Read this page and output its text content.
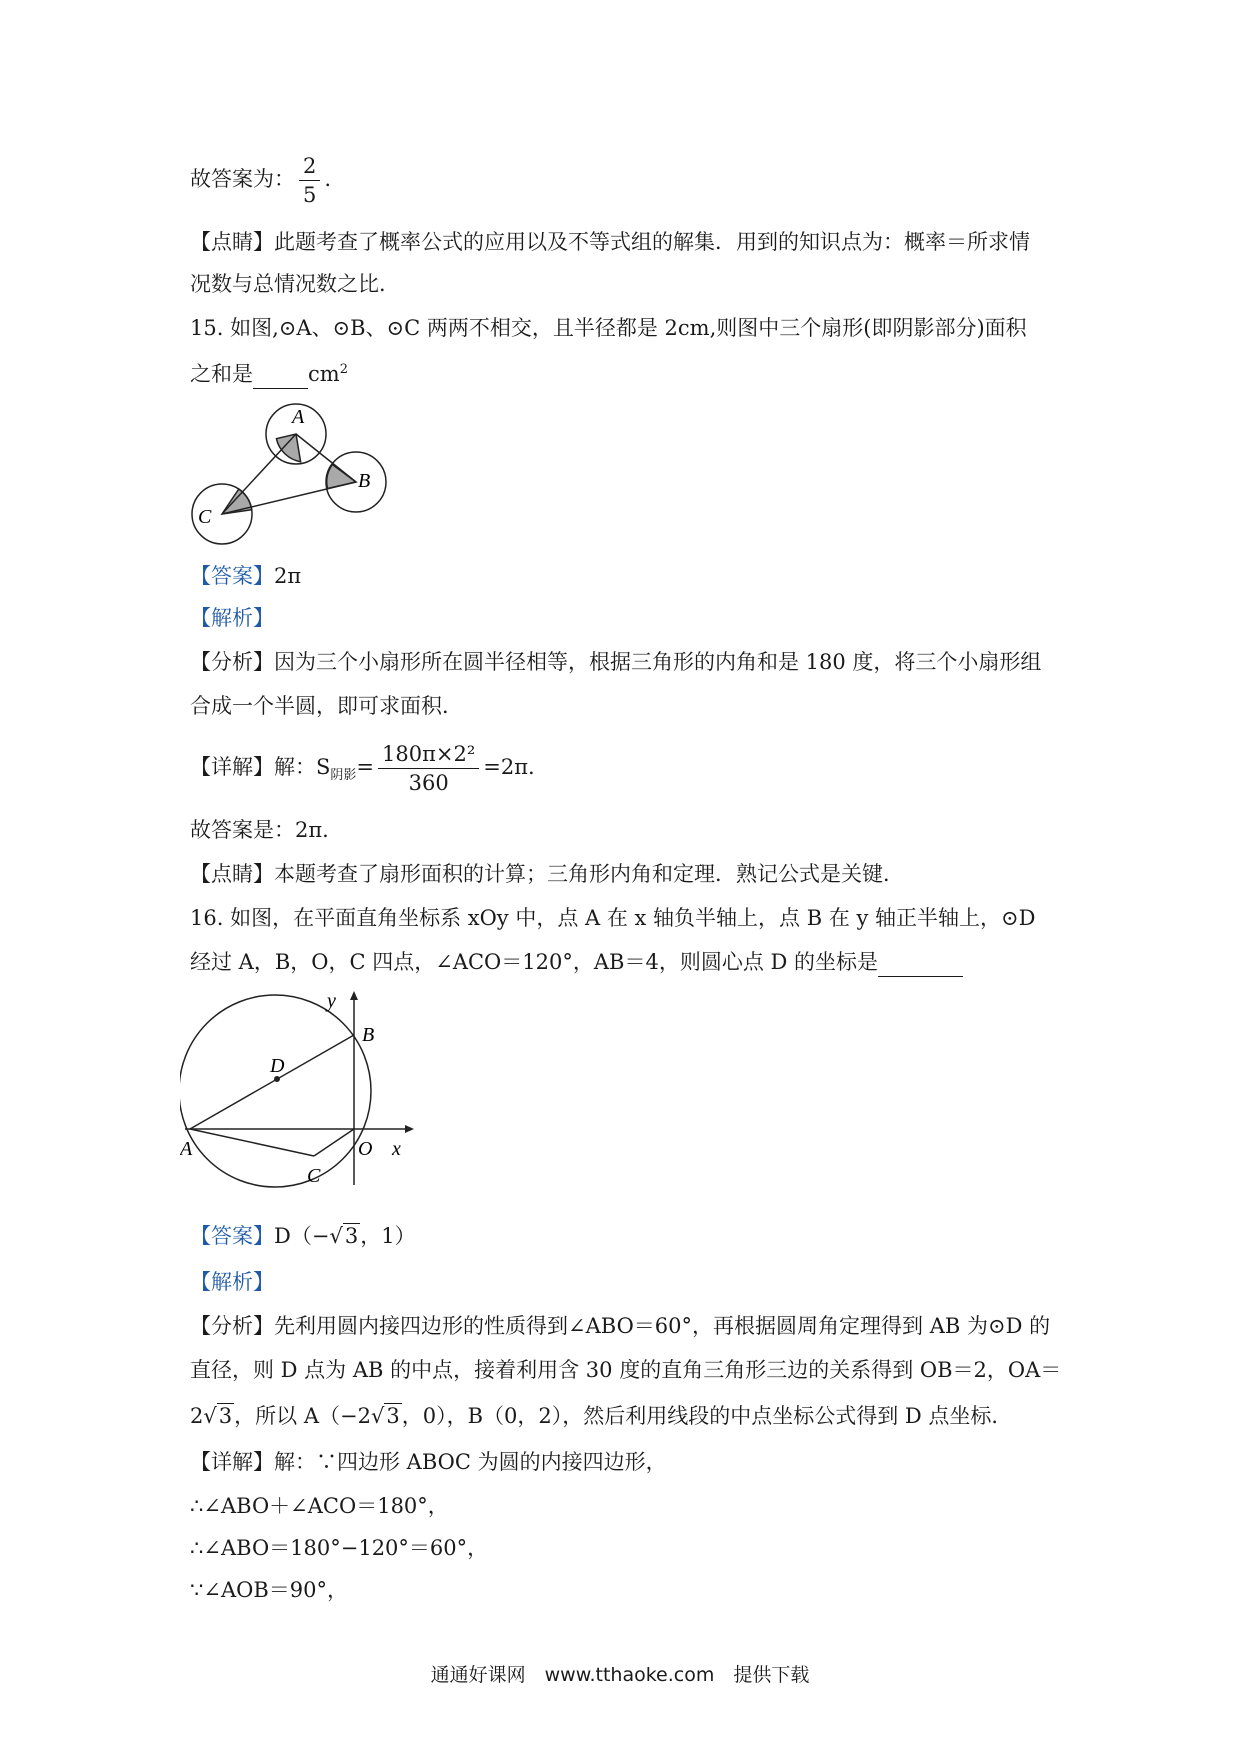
故答案为： $\frac{2}{5}$ .
【点睛】此题考查了概率公式的应用以及不等式组的解集．用到的知识点为：概率＝所求情
况数与总情况数之比．
15. 如图,⊙A、⊙B、⊙C 两两不相交，且半径都是 2cm,则图中三个扇形(即阴影部分)面积
之和是	$cm^2$
A
B
C
【答案】2π
【解析】
【分析】因为三个小扇形所在圆半径相等，根据三角形的内角和是 180 度，将三个小扇形组
合成一个半圆，即可求面积．
【详解】解：$S_{阴影}= \frac{\text{180π×2²}}{360} =2\pi$.
故答案是：2π.
【点睛】本题考查了扇形面积的计算；三角形内角和定理．熟记公式是关键．
16. 如图，在平面直角坐标系 xOy 中，点 A 在 x 轴负半轴上，点 B 在 y 轴正半轴上，⊙D
经过 A，B，O，C 四点，∠ACO＝120°，AB＝4，则圆心点 D 的坐标是
y
B
D
A	O x
C
【答案】D（−√3，1）
【解析】
【分析】先利用圆内接四边形的性质得到∠ABO＝60°，再根据圆周角定理得到 AB 为⊙D 的
直径，则 D 点为 AB 的中点，接着利用含 30 度的直角三角形三边的关系得到 OB＝2，OA＝
2√3，所以 A（−2√3，0），B（0，2），然后利用线段的中点坐标公式得到 D 点坐标．
【详解】解：∵四边形 ABOC 为圆的内接四边形，
∴∠ABO＋∠ACO＝180°，
∴∠ABO＝180°−120°＝60°，
∵∠AOB＝90°，
通通好课网　www.tthaoke.com　提供下载
